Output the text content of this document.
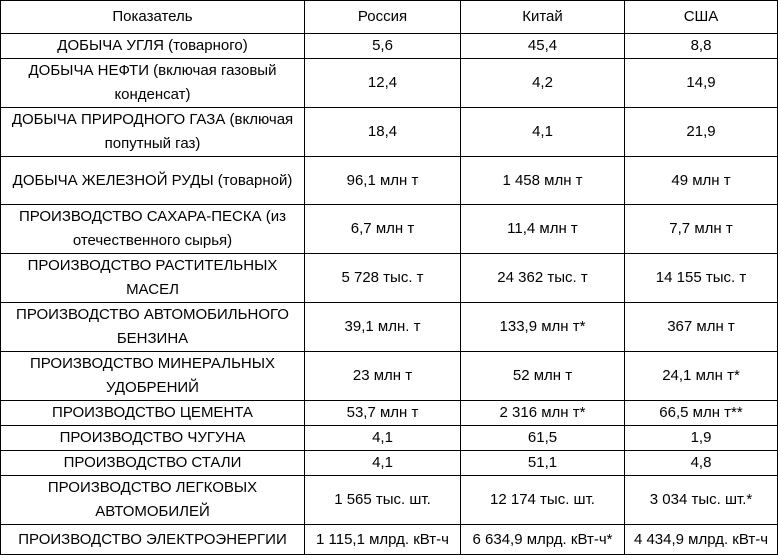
Показатель	Россия	Китай	США
ДОБЫЧА УГЛЯ (товарного)	5,6	45,4	8,8
ДОБЫЧА НЕФТИ (включая газовый конденсат)	12,4	4,2	14,9
ДОБЫЧА ПРИРОДНОГО ГАЗА (включая попутный газ)	18,4	4,1	21,9
ДОБЫЧА ЖЕЛЕЗНОЙ РУДЫ (товарной)	96,1 млн т	1 458 млн т	49 млн т
ПРОИЗВОДСТВО САХАРА-ПЕСКА (из отечественного сырья)	6,7 млн т	11,4 млн т	7,7 млн т
ПРОИЗВОДСТВО РАСТИТЕЛЬНЫХ МАСЕЛ	5 728 тыс. т	24 362 тыс. т	14 155 тыс. т
ПРОИЗВОДСТВО АВТОМОБИЛЬНОГО БЕНЗИНА	39,1 млн. т	133,9 млн т*	367 млн т
ПРОИЗВОДСТВО МИНЕРАЛЬНЫХ УДОБРЕНИЙ	23 млн т	52 млн т	24,1 млн т*
ПРОИЗВОДСТВО ЦЕМЕНТА	53,7 млн т	2 316 млн т*	66,5 млн т**
ПРОИЗВОДСТВО ЧУГУНА	4,1	61,5	1,9
ПРОИЗВОДСТВО СТАЛИ	4,1	51,1	4,8
ПРОИЗВОДСТВО ЛЕГКОВЫХ АВТОМОБИЛЕЙ	1 565 тыс. шт.	12 174 тыс. шт.	3 034 тыс. шт.*
ПРОИЗВОДСТВО ЭЛЕКТРОЭНЕРГИИ	1 115,1 млрд. кВт-ч	6 634,9 млрд. кВт-ч*	4 434,9 млрд. кВт-ч
